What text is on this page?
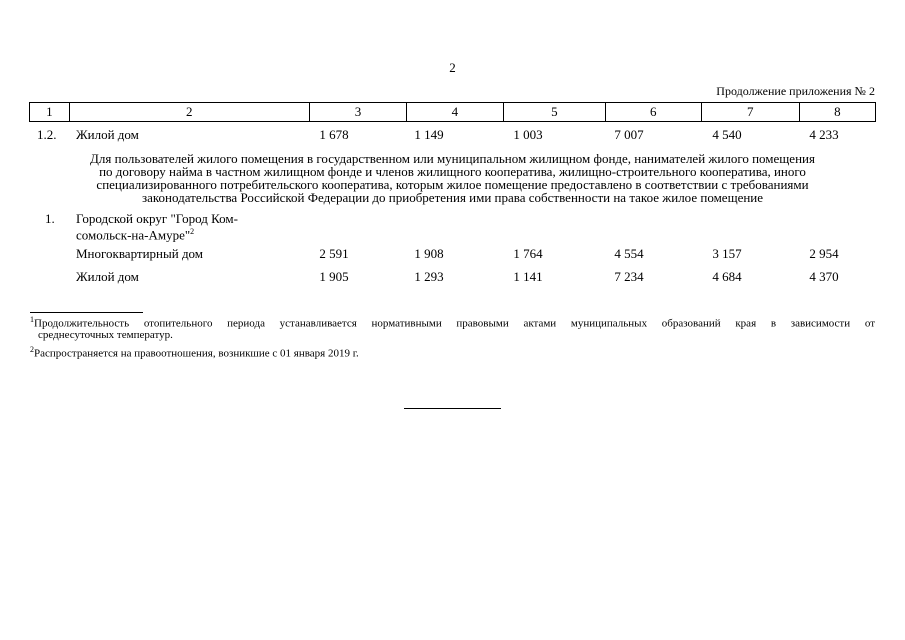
2
Продолжение приложения № 2
1	2	3	4	5	6	7	8
1.2. Жилой дом	1 678	1 149	1 003	7 007	4 540	4 233
Для пользователей жилого помещения в государственном или муниципальном жилищном фонде, нанимателей жилого помещения
по договору найма в частном жилищном фонде и членов жилищного кооператива, жилищно-строительного кооператива, иного
специализированного потребительского кооператива, которым жилое помещение предоставлено в соответствии с требованиями
законодательства Российской Федерации до приобретения ими права собственности на такое жилое помещение
1. Городской округ "Город Ком-
сомольск-на-Амуре"$^2$
Многоквартирный дом	2 591	1 908	1 764	4 554	3 157	2 954
Жилой дом	1 905	1 293	1 141	7 234	4 684	4 370
$^1$Продолжительность отопительного периода устанавливается нормативными правовыми актами муниципальных образований края в зависимости от
среднесуточных температур.
$^2$Распространяется на правоотношения, возникшие с 01 января 2019 г.
